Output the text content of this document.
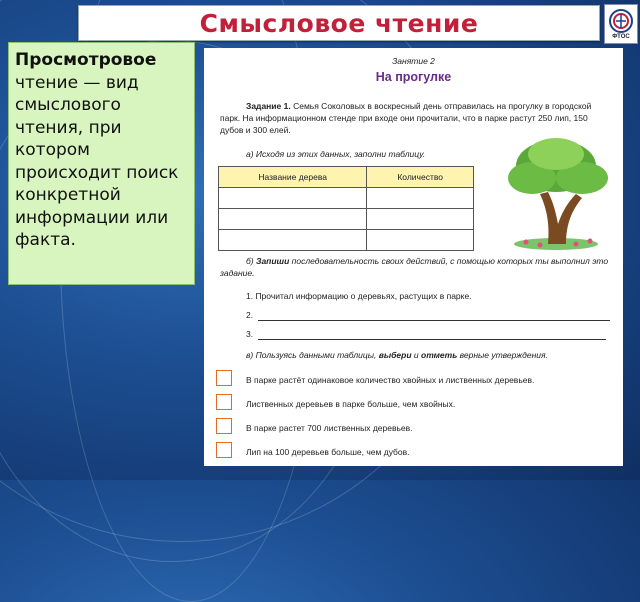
Смысловое чтение	ФТОС
Просмотровое чтение — вид смыслового чтения, при котором происходит поиск конкретной информации или факта.
Занятие 2
На прогулке
Задание 1. Семья Соколовых в воскресный день отправилась на прогулку в городской парк. На информационном стенде при входе они прочитали, что в парке растут 250 лип, 150 дубов и 300 елей.
а) Исходя из этих данных, заполни таблицу.
Название дерева	Количество

б) Запиши последовательность своих действий, с помощью которых ты выполнил это задание.
1. Прочитал информацию о деревьях, растущих в парке.
2.
3.
в) Пользуясь данными таблицы, выбери и отметь верные утверждения.
В парке растёт одинаковое количество хвойных и лиственных деревьев.
Лиственных деревьев в парке больше, чем хвойных.
В парке растет 700 лиственных деревьев.
Лип на 100 деревьев больше, чем дубов.
